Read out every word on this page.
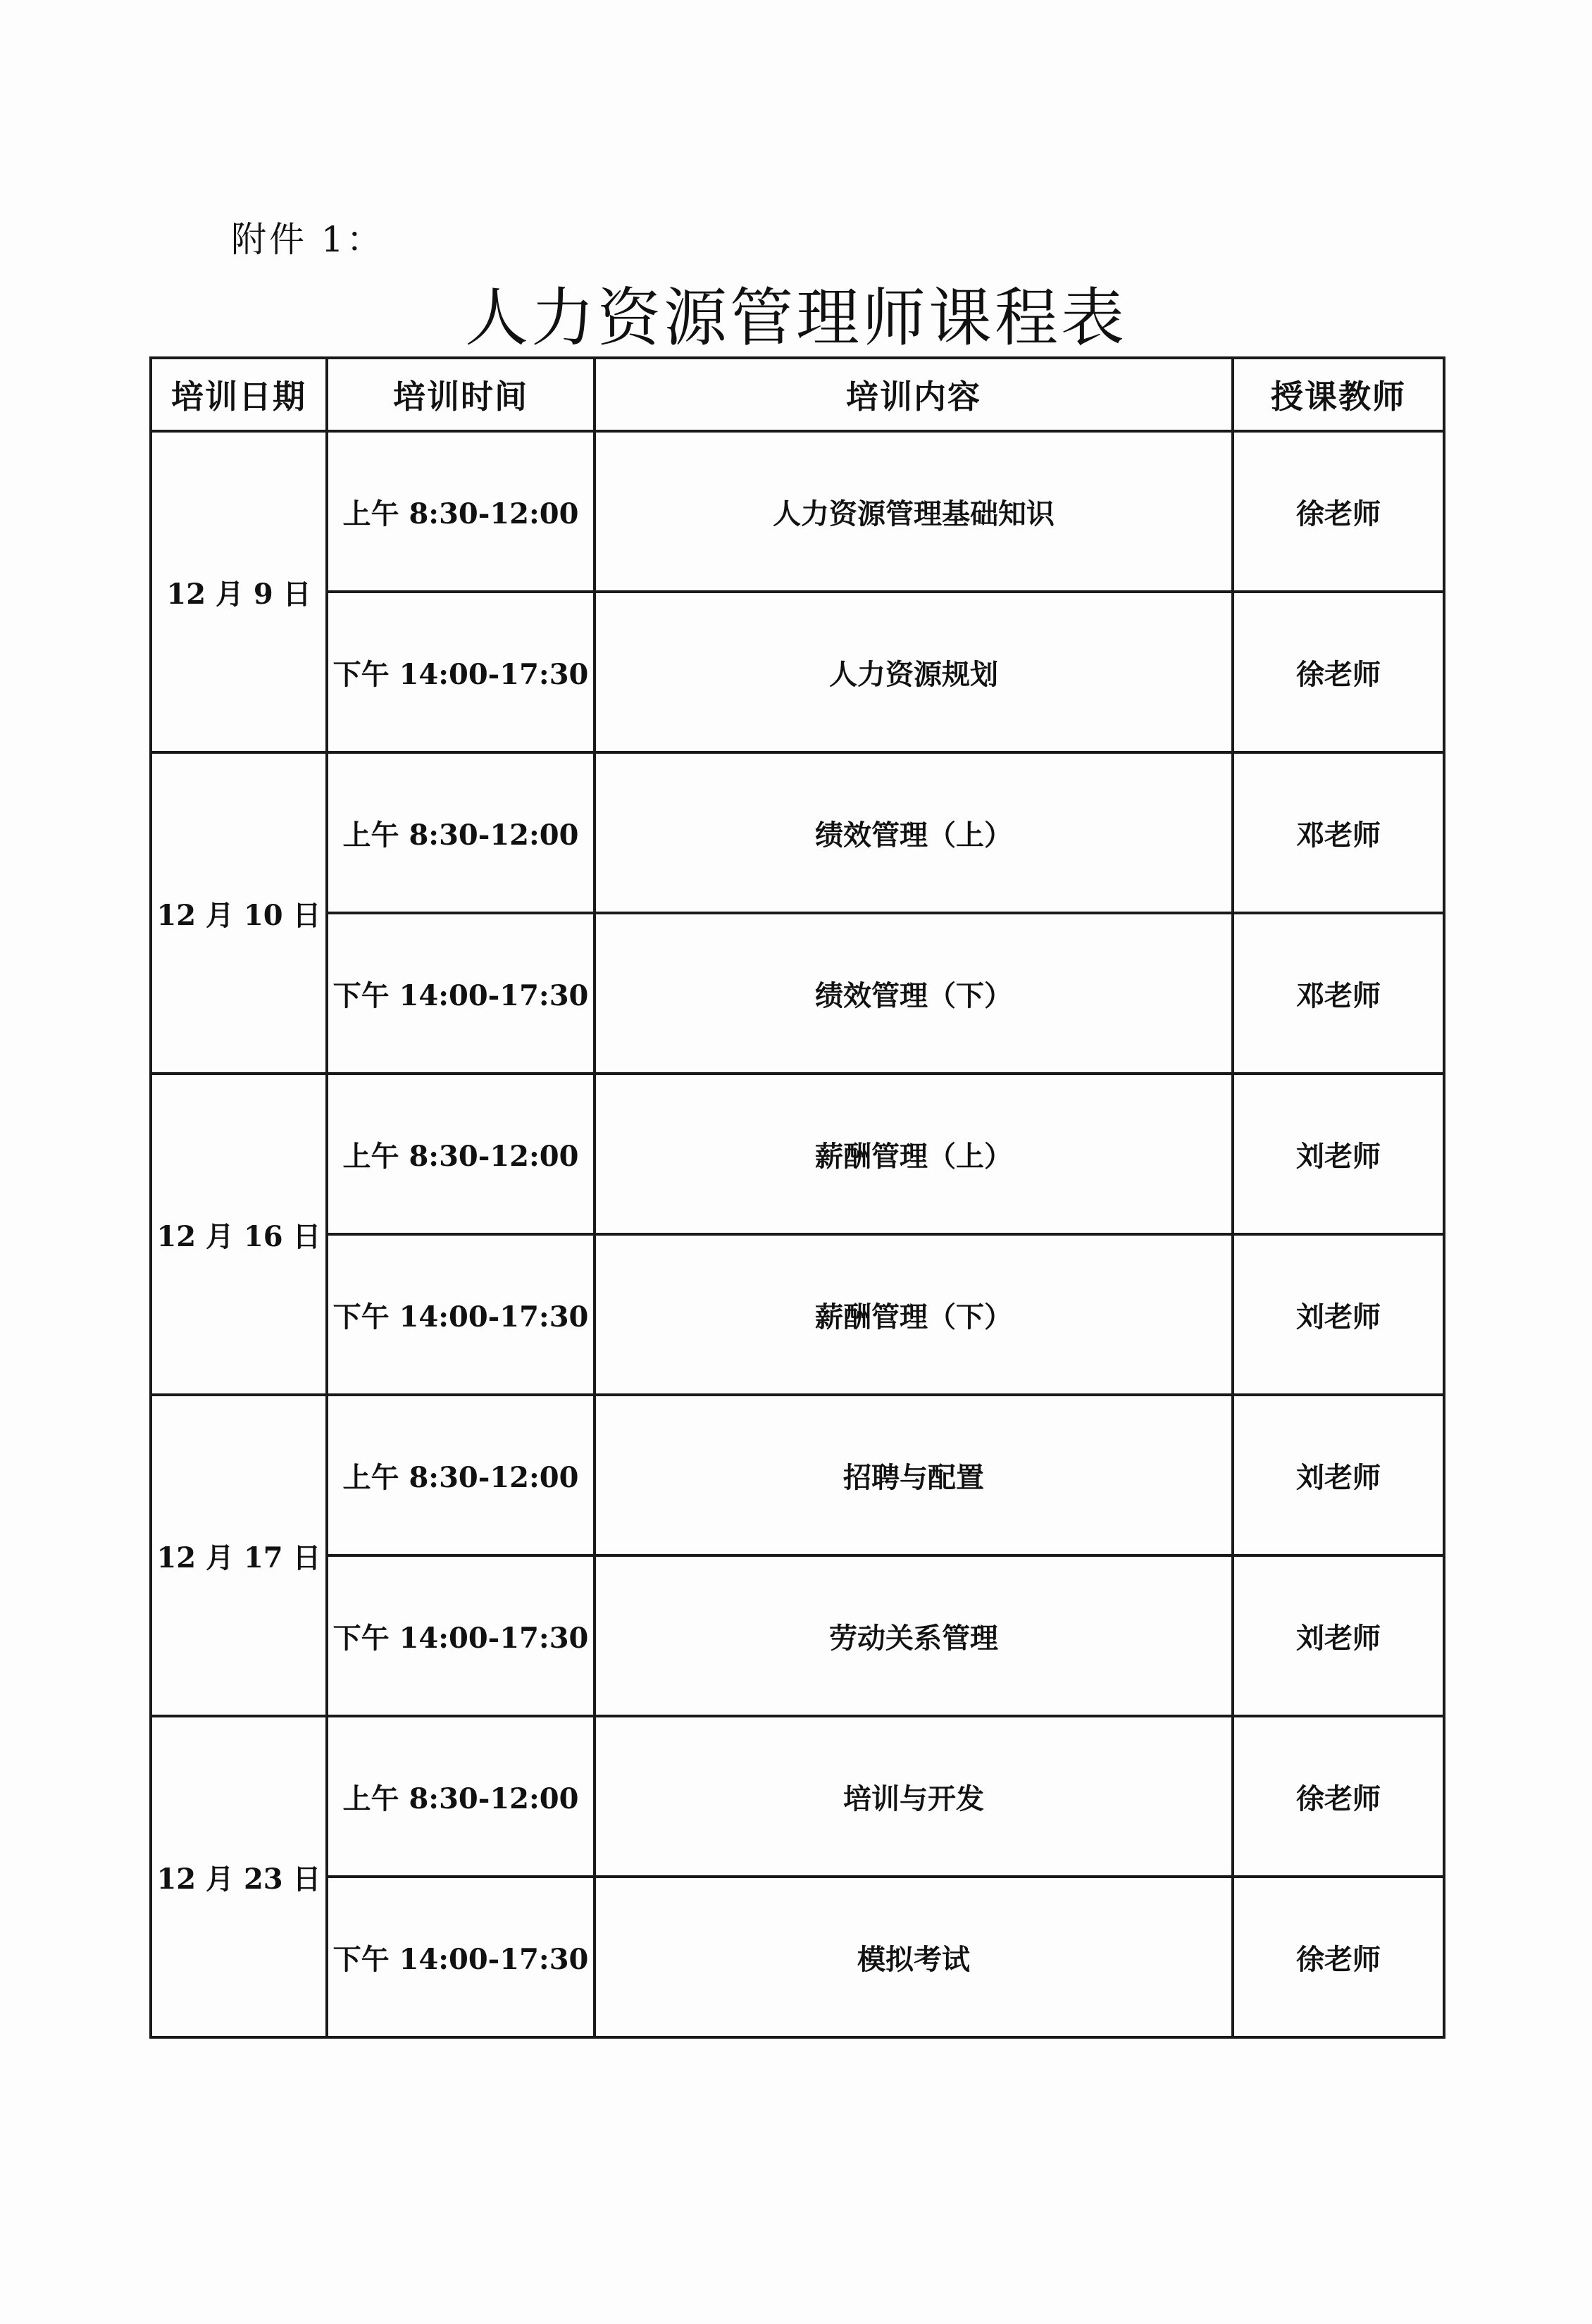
附件 1：
人力资源管理师课程表
培训日期	培训时间	培训内容	授课教师
12 月 9 日	上午 8:30-12:00	人力资源管理基础知识	徐老师
	下午 14:00-17:30	人力资源规划	徐老师
12 月 10 日	上午 8:30-12:00	绩效管理（上）	邓老师
	下午 14:00-17:30	绩效管理（下）	邓老师
12 月 16 日	上午 8:30-12:00	薪酬管理（上）	刘老师
	下午 14:00-17:30	薪酬管理（下）	刘老师
12 月 17 日	上午 8:30-12:00	招聘与配置	刘老师
	下午 14:00-17:30	劳动关系管理	刘老师
12 月 23 日	上午 8:30-12:00	培训与开发	徐老师
	下午 14:00-17:30	模拟考试	徐老师
